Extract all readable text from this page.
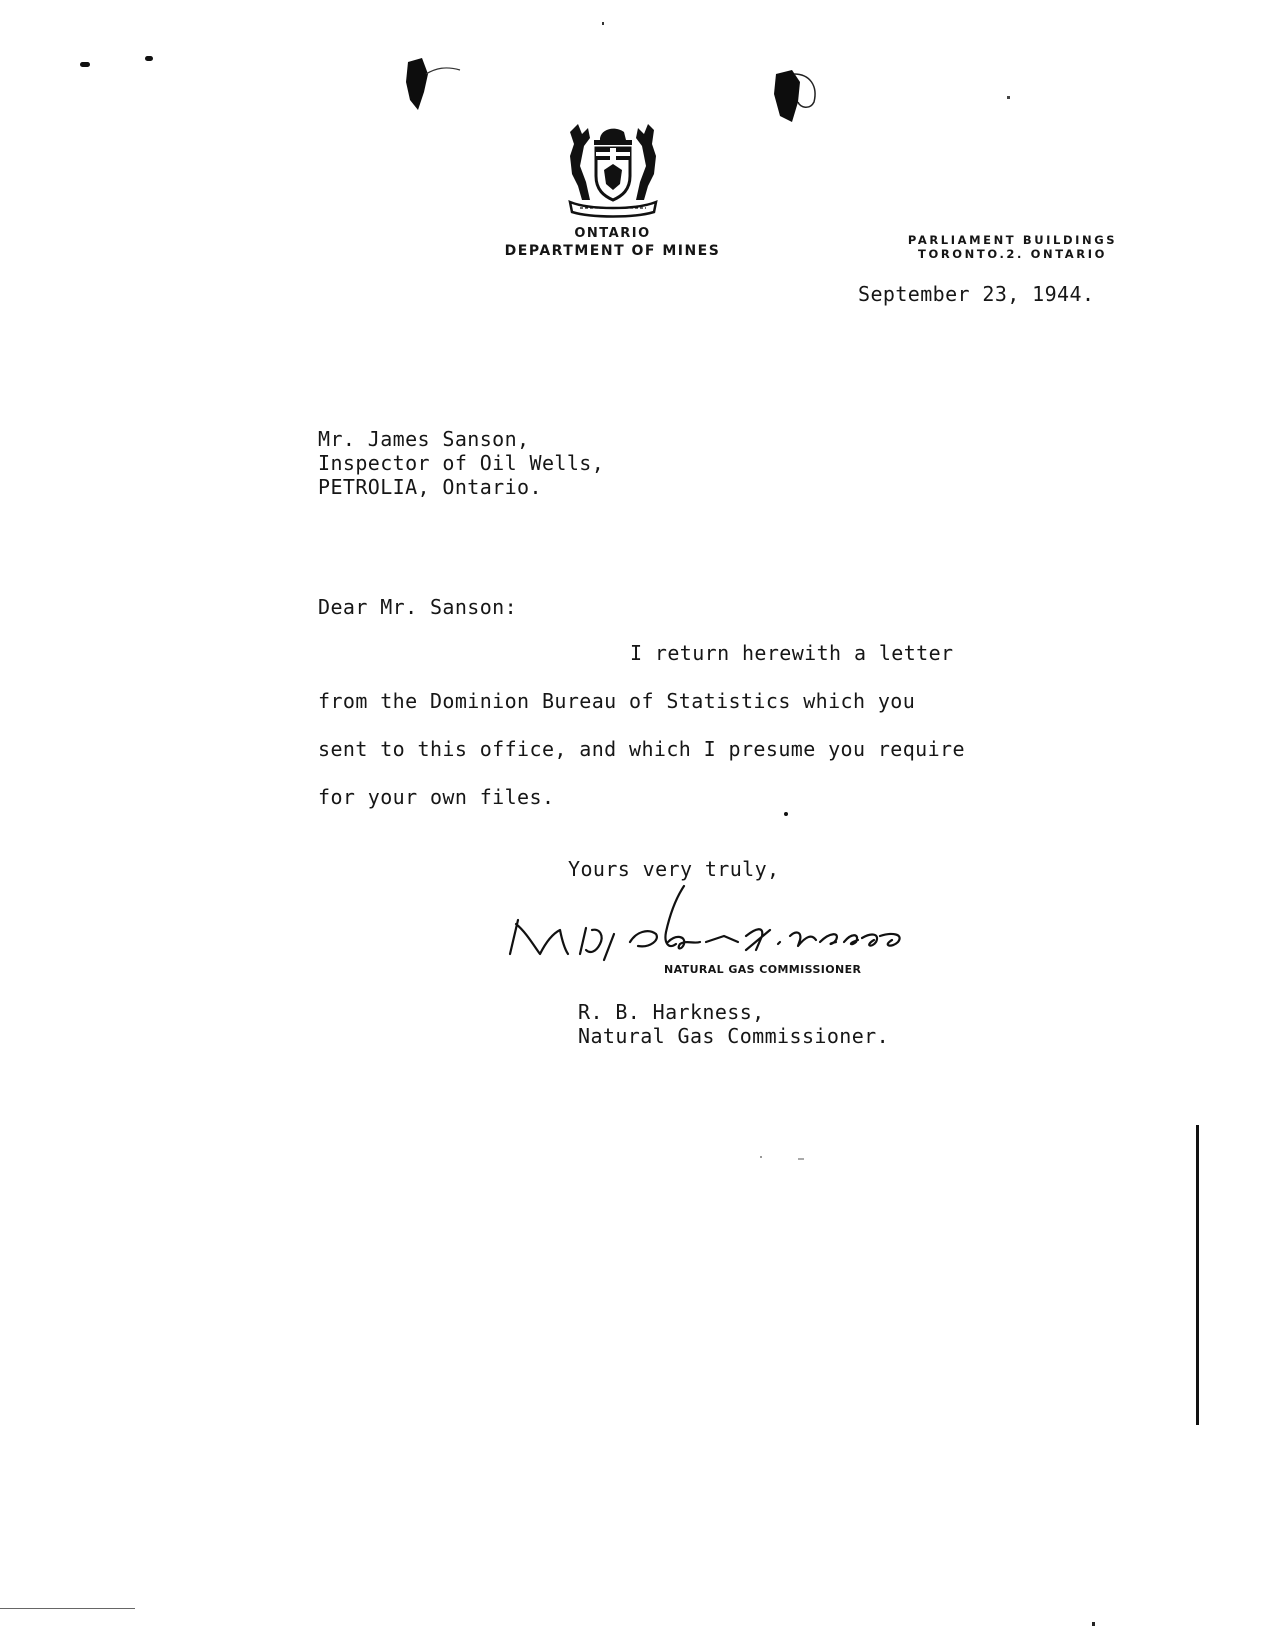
ONTARIO
DEPARTMENT OF MINES
PARLIAMENT BUILDINGS
TORONTO.2. ONTARIO
September 23, 1944.
Mr. James Sanson,
Inspector of Oil Wells,
PETROLIA, Ontario.
Dear Mr. Sanson:
I return herewith a letter
from the Dominion Bureau of Statistics which you
sent to this office, and which I presume you require
for your own files.
Yours very truly,
NATURAL GAS COMMISSIONER
R. B. Harkness,
Natural Gas Commissioner.
